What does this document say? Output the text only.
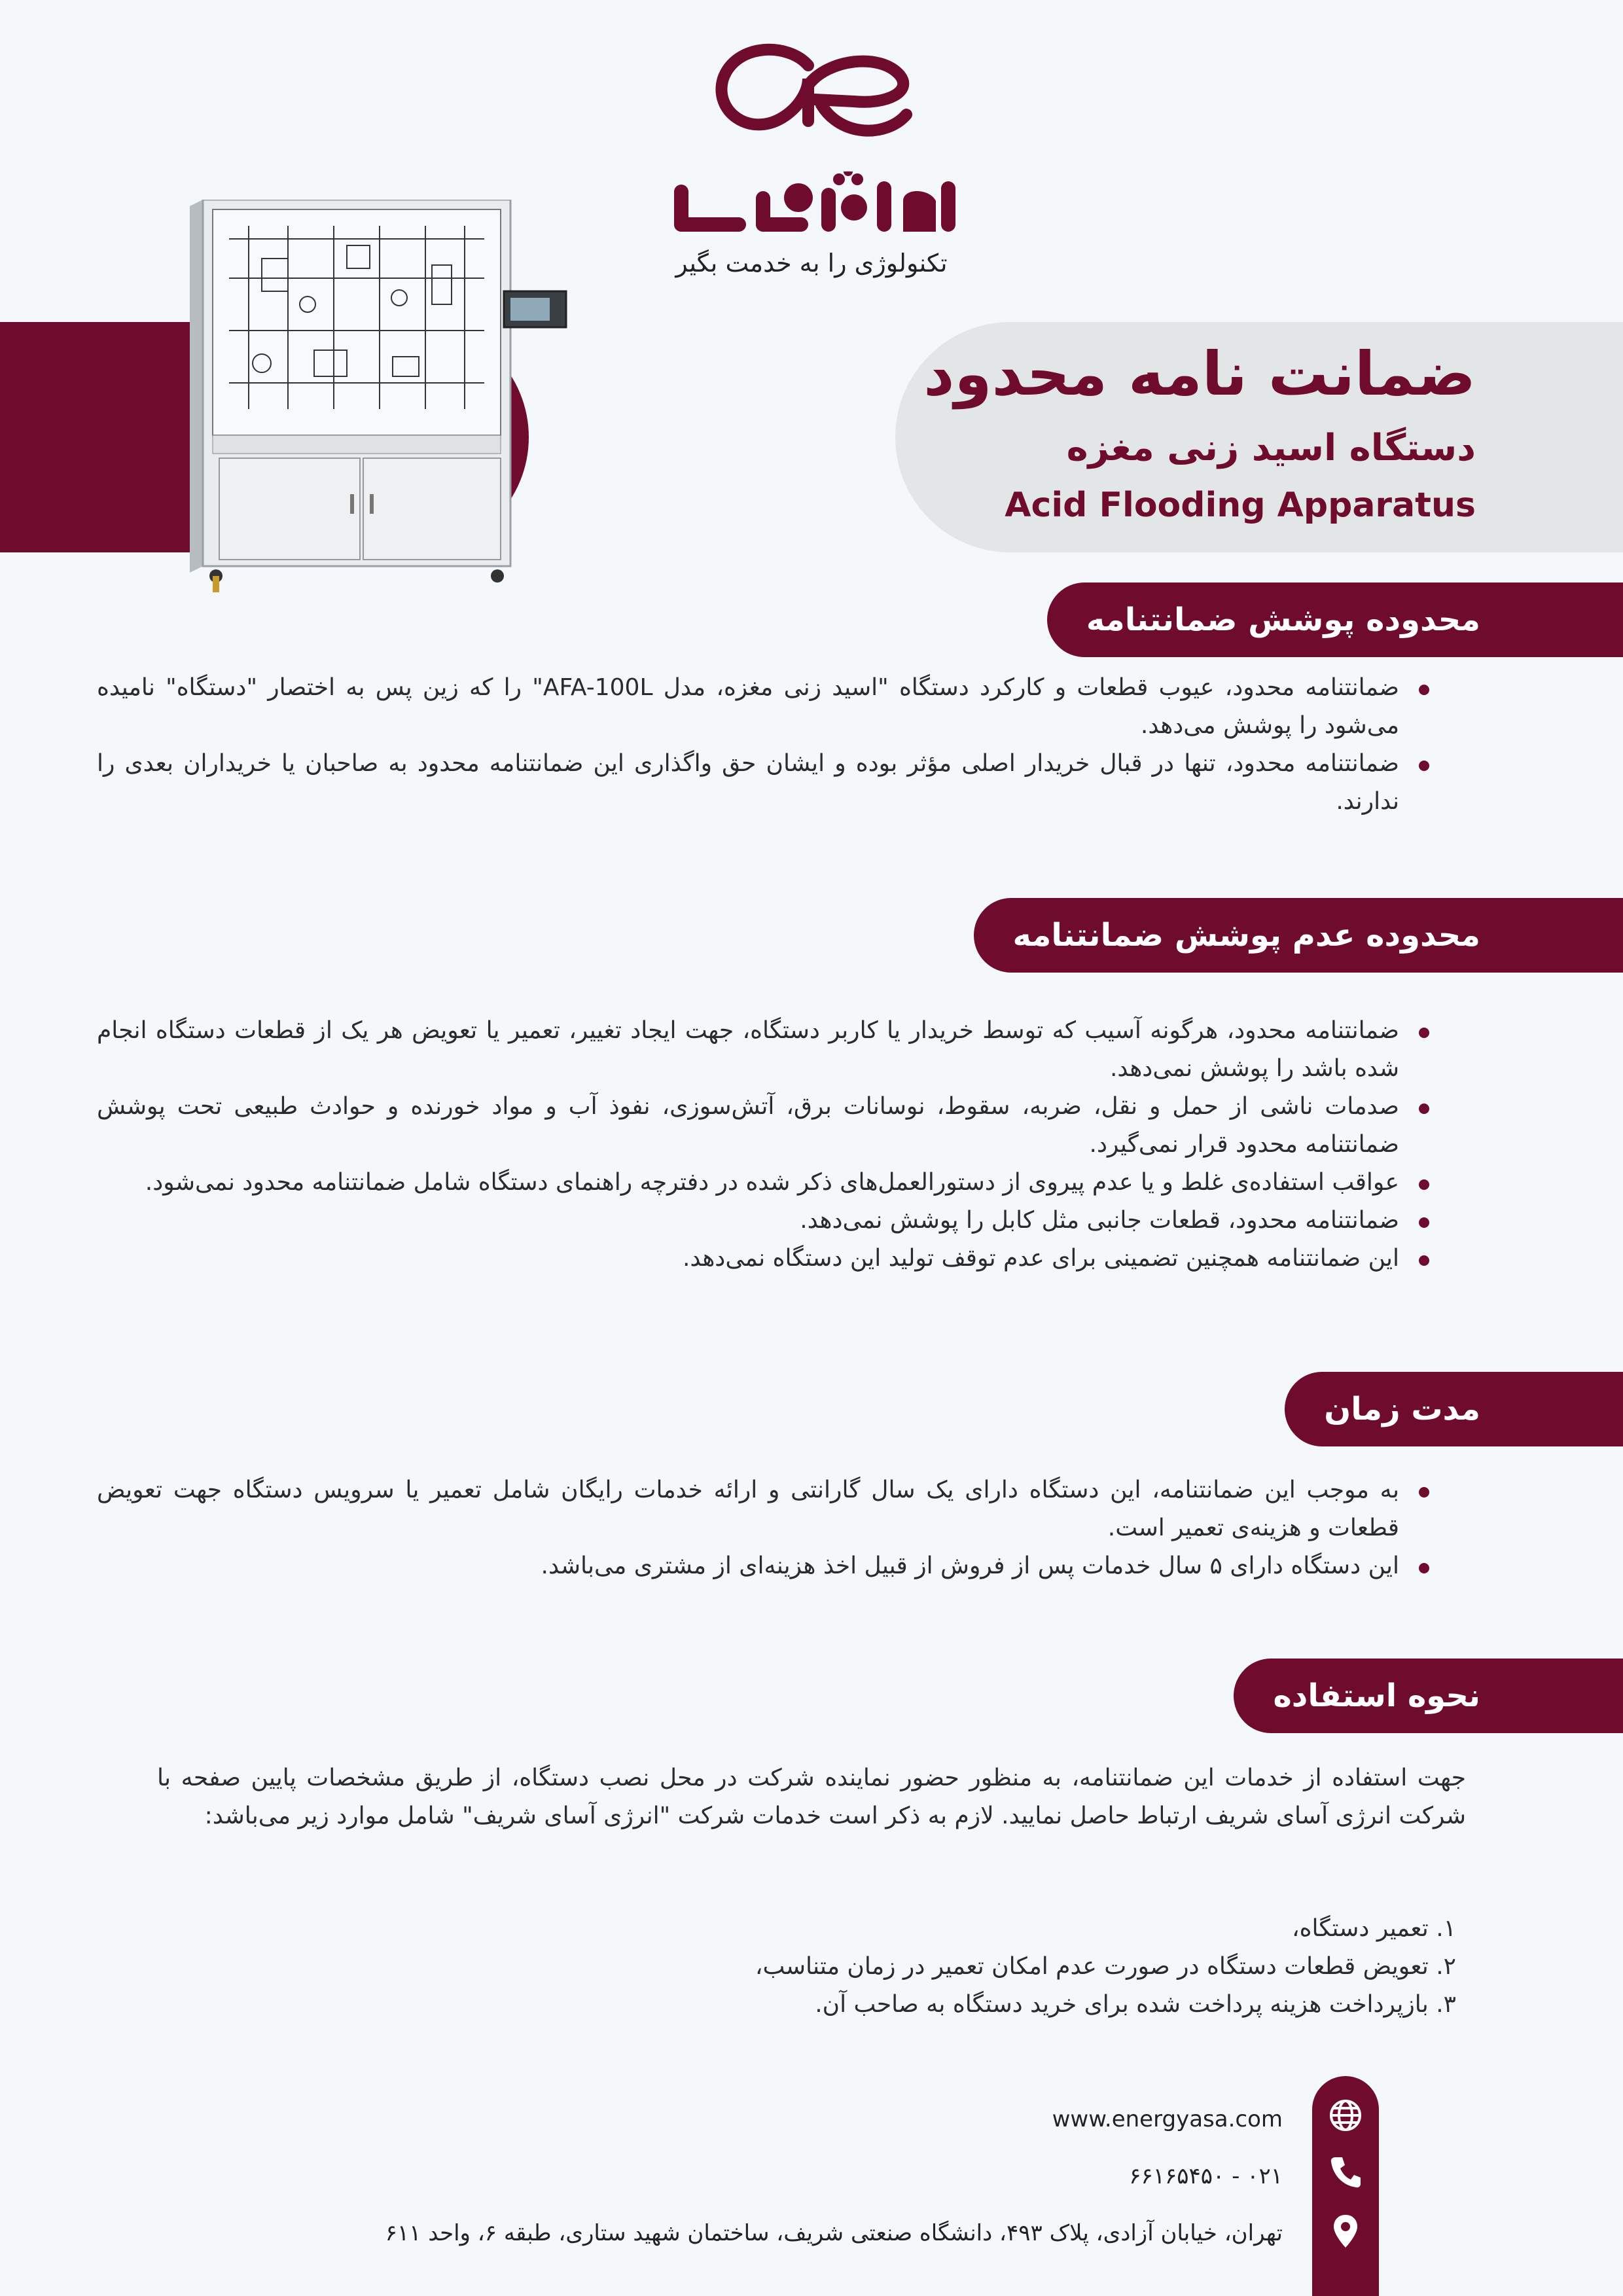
ضمانت نامه محدود
دستگاه اسید زنی مغزه
Acid Flooding Apparatus
تکنولوژی را به خدمت بگیر
محدوده پوشش ضمانتنامه
ضمانتنامه محدود، عیوب قطعات و کارکرد دستگاه "اسید زنی مغزه، مدل AFA-100L" را که زین پس به اختصار "دستگاه" نامیده می‌شود را پوشش می‌دهد.
ضمانتنامه محدود، تنها در قبال خریدار اصلی مؤثر بوده و ایشان حق واگذاری این ضمانتنامه محدود به صاحبان یا خریداران بعدی را ندارند.
محدوده عدم پوشش ضمانتنامه
ضمانتنامه محدود، هرگونه آسیب که توسط خریدار یا کاربر دستگاه، جهت ایجاد تغییر، تعمیر یا تعویض هر یک از قطعات دستگاه انجام شده باشد را پوشش نمی‌دهد.
صدمات ناشی از حمل و نقل، ضربه، سقوط، نوسانات برق، آتش‌سوزی، نفوذ آب و مواد خورنده و حوادث طبیعی تحت پوشش ضمانتنامه محدود قرار نمی‌گیرد.
عواقب استفاده‌ی غلط و یا عدم پیروی از دستورالعمل‌های ذکر شده در دفترچه راهنمای دستگاه شامل ضمانتنامه محدود نمی‌شود.
ضمانتنامه محدود، قطعات جانبی مثل کابل را پوشش نمی‌دهد.
این ضمانتنامه همچنین تضمینی برای عدم توقف تولید این دستگاه نمی‌دهد.
مدت زمان
به موجب این ضمانتنامه، این دستگاه دارای یک سال گارانتی و ارائه خدمات رایگان شامل تعمیر یا سرویس دستگاه جهت تعویض قطعات و هزینه‌ی تعمیر است.
این دستگاه دارای ۵ سال خدمات پس از فروش از قبیل اخذ هزینه‌ای از مشتری می‌باشد.
نحوه استفاده
جهت استفاده از خدمات این ضمانتنامه، به منظور حضور نماینده شرکت در محل نصب دستگاه، از طریق مشخصات پایین صفحه با شرکت انرژی آسای شریف ارتباط حاصل نمایید. لازم به ذکر است خدمات شرکت "انرژی آسای شریف" شامل موارد زیر می‌باشد:
۱. تعمیر دستگاه،
۲. تعویض قطعات دستگاه در صورت عدم امکان تعمیر در زمان متناسب،
۳. بازپرداخت هزینه پرداخت شده برای خرید دستگاه به صاحب آن.
www.energyasa.com
۰۲۱ - ۶۶۱۶۵۴۵۰
تهران، خیابان آزادی، پلاک ۴۹۳، دانشگاه صنعتی شریف، ساختمان شهید ستاری، طبقه ۶، واحد ۶۱۱
